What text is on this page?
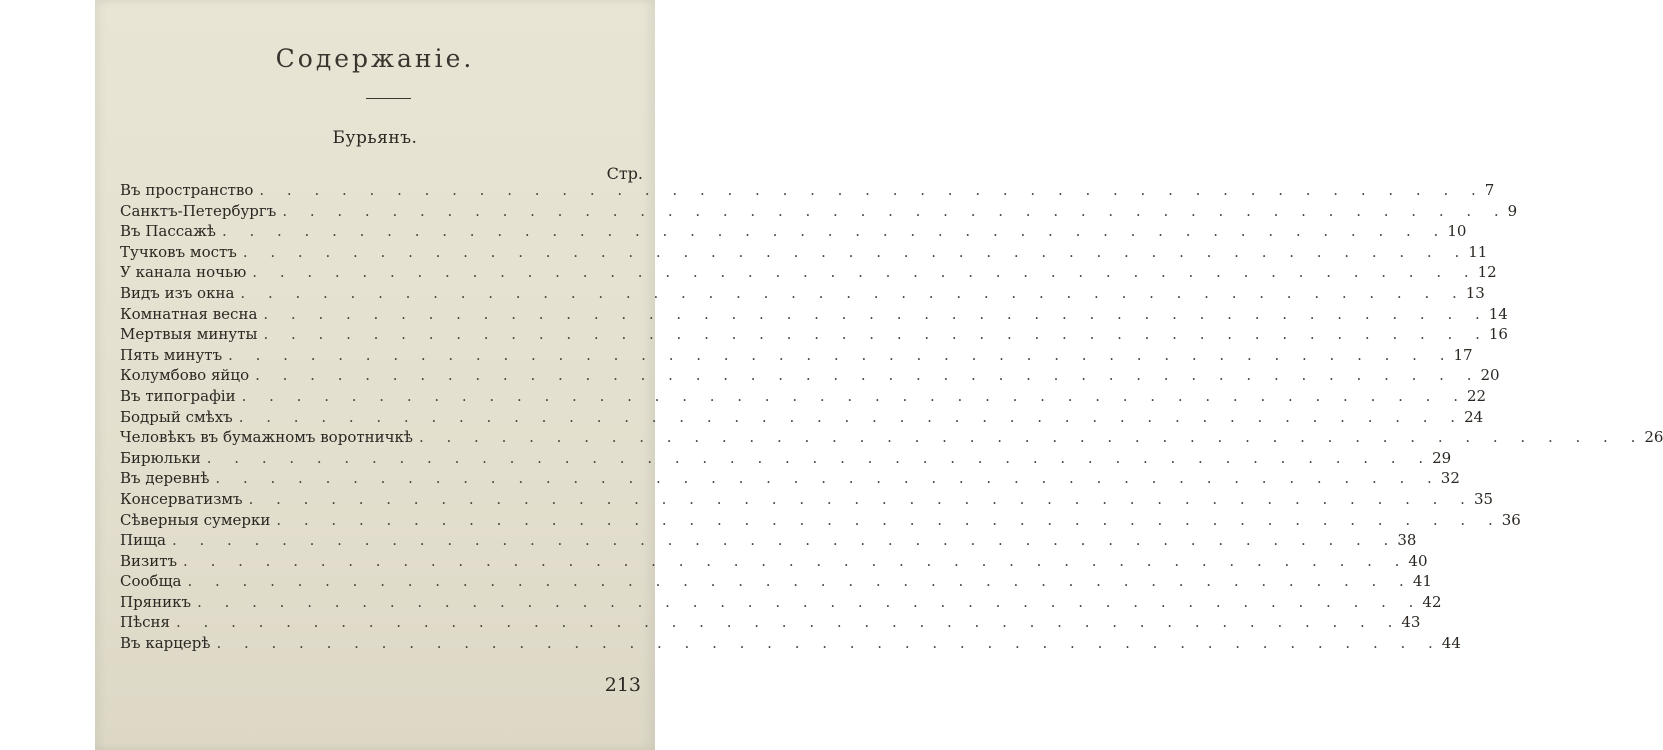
Содержаніе.
Бурьянъ.
Стр.
Въ пространство . . . . . . . . . . . . . . . . . . . . . . . . . . . . . . . . . . . . . . . . . . . . . 7
Санктъ-Петербургъ . . . . . . . . . . . . . . . . . . . . . . . . . . . . . . . . . . . . . . . . . . . . . 9
Въ Пассажѣ . . . . . . . . . . . . . . . . . . . . . . . . . . . . . . . . . . . . . . . . . . . . . 10
Тучковъ мостъ . . . . . . . . . . . . . . . . . . . . . . . . . . . . . . . . . . . . . . . . . . . . . 11
У канала ночью . . . . . . . . . . . . . . . . . . . . . . . . . . . . . . . . . . . . . . . . . . . . . 12
Видъ изъ окна . . . . . . . . . . . . . . . . . . . . . . . . . . . . . . . . . . . . . . . . . . . . . 13
Комнатная весна . . . . . . . . . . . . . . . . . . . . . . . . . . . . . . . . . . . . . . . . . . . . . 14
Мертвыя минуты . . . . . . . . . . . . . . . . . . . . . . . . . . . . . . . . . . . . . . . . . . . . . 16
Пять минутъ . . . . . . . . . . . . . . . . . . . . . . . . . . . . . . . . . . . . . . . . . . . . . 17
Колумбово яйцо . . . . . . . . . . . . . . . . . . . . . . . . . . . . . . . . . . . . . . . . . . . . . 20
Въ типографіи . . . . . . . . . . . . . . . . . . . . . . . . . . . . . . . . . . . . . . . . . . . . . 22
Бодрый смѣхъ . . . . . . . . . . . . . . . . . . . . . . . . . . . . . . . . . . . . . . . . . . . . . 24
Человѣкъ въ бумажномъ воротничкѣ . . . . . . . . . . . . . . . . . . . . . . . . . . . . . . . . . . . . . . . . . . . . . 26
Бирюльки . . . . . . . . . . . . . . . . . . . . . . . . . . . . . . . . . . . . . . . . . . . . . 29
Въ деревнѣ . . . . . . . . . . . . . . . . . . . . . . . . . . . . . . . . . . . . . . . . . . . . . 32
Консерватизмъ . . . . . . . . . . . . . . . . . . . . . . . . . . . . . . . . . . . . . . . . . . . . . 35
Сѣверныя сумерки . . . . . . . . . . . . . . . . . . . . . . . . . . . . . . . . . . . . . . . . . . . . . 36
Пища . . . . . . . . . . . . . . . . . . . . . . . . . . . . . . . . . . . . . . . . . . . . . 38
Визитъ . . . . . . . . . . . . . . . . . . . . . . . . . . . . . . . . . . . . . . . . . . . . . 40
Сообща . . . . . . . . . . . . . . . . . . . . . . . . . . . . . . . . . . . . . . . . . . . . . 41
Пряникъ . . . . . . . . . . . . . . . . . . . . . . . . . . . . . . . . . . . . . . . . . . . . . 42
Пѣсня . . . . . . . . . . . . . . . . . . . . . . . . . . . . . . . . . . . . . . . . . . . . . 43
Въ карцерѣ . . . . . . . . . . . . . . . . . . . . . . . . . . . . . . . . . . . . . . . . . . . . . 44
213
